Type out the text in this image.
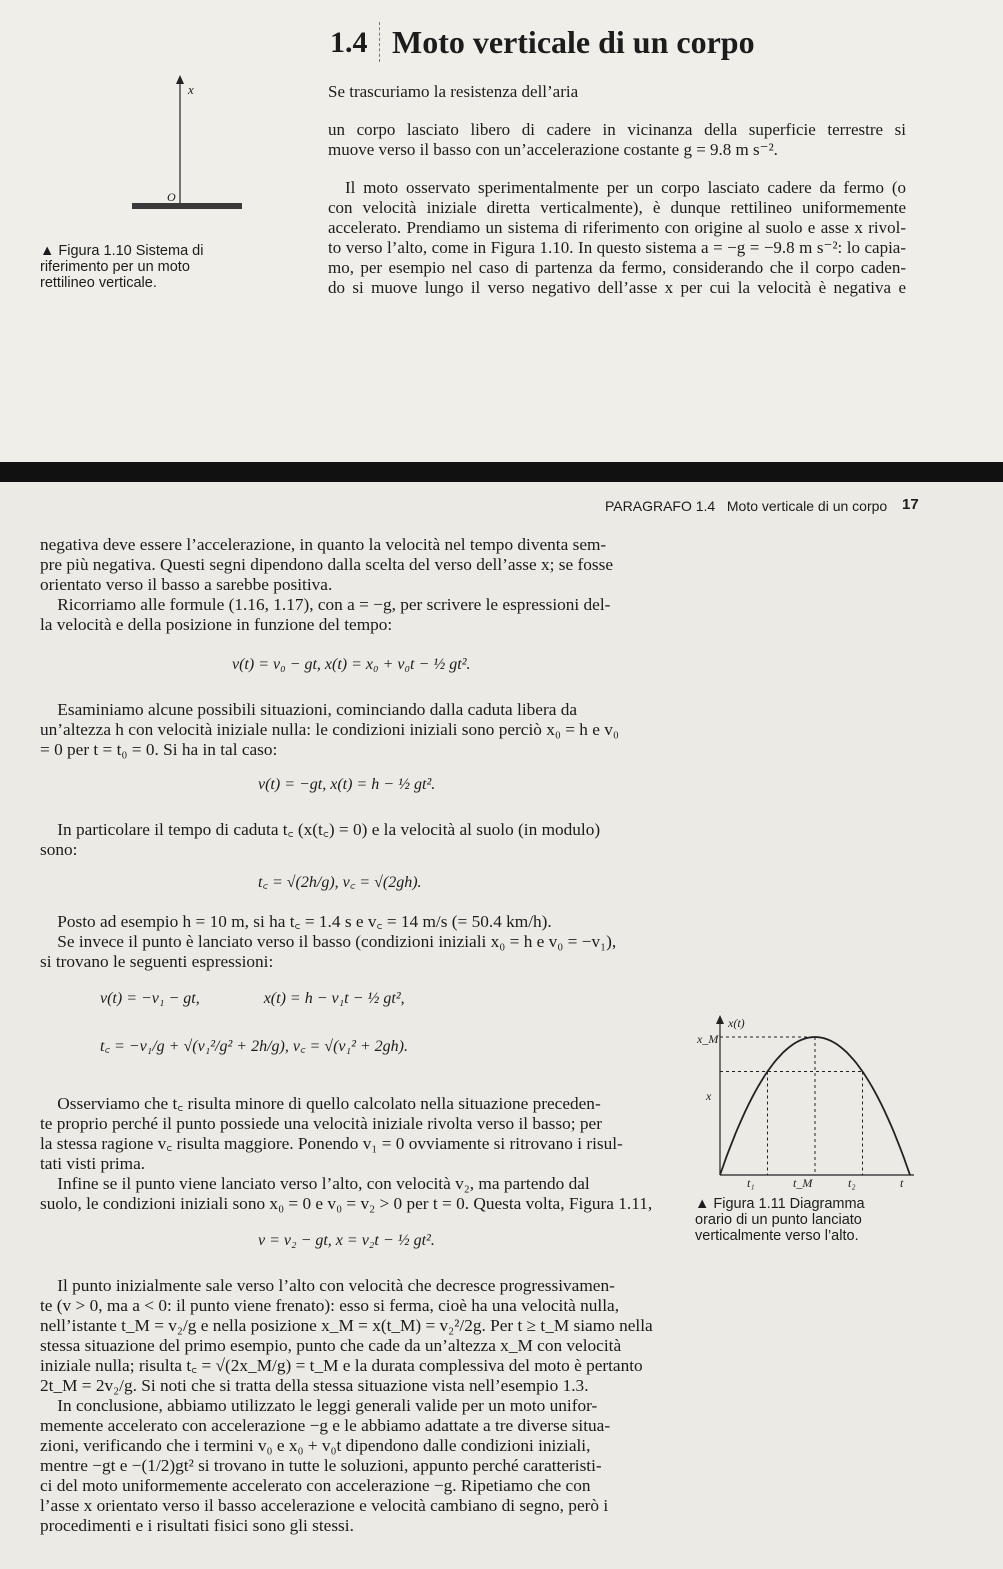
1.4 Moto verticale di un corpo
x
O
▲ Figura 1.10 Sistema di
riferimento per un moto
rettilineo verticale.
Se trascuriamo la resistenza dell’aria
un corpo lasciato libero di cadere in vicinanza della superficie terrestre si
muove verso il basso con un’accelerazione costante g = 9.8 m s⁻².
Il moto osservato sperimentalmente per un corpo lasciato cadere da fermo (o
con velocità iniziale diretta verticalmente), è dunque rettilineo uniformemente
accelerato. Prendiamo un sistema di riferimento con origine al suolo e asse x rivol-
to verso l’alto, come in Figura 1.10. In questo sistema a = −g = −9.8 m s⁻²: lo capia-
mo, per esempio nel caso di partenza da fermo, considerando che il corpo caden-
do si muove lungo il verso negativo dell’asse x per cui la velocità è negativa e
PARAGRAFO 1.4   Moto verticale di un corpo 17
negativa deve essere l’accelerazione, in quanto la velocità nel tempo diventa sem-
pre più negativa. Questi segni dipendono dalla scelta del verso dell’asse x; se fosse
orientato verso il basso a sarebbe positiva.
Ricorriamo alle formule (1.16, 1.17), con a = −g, per scrivere le espressioni del-
la velocità e della posizione in funzione del tempo:
v(t) = v₀ − gt, x(t) = x₀ + v₀t − ½ gt².
Esaminiamo alcune possibili situazioni, cominciando dalla caduta libera da
un’altezza h con velocità iniziale nulla: le condizioni iniziali sono perciò x₀ = h e v₀
= 0 per t = t₀ = 0. Si ha in tal caso:
v(t) = −gt, x(t) = h − ½ gt².
In particolare il tempo di caduta t꜀ (x(t꜀) = 0) e la velocità al suolo (in modulo)
sono:
t꜀ = √(2h/g), v꜀ = √(2gh).
Posto ad esempio h = 10 m, si ha t꜀ = 1.4 s e v꜀ = 14 m/s (= 50.4 km/h).
Se invece il punto è lanciato verso il basso (condizioni iniziali x₀ = h e v₀ = −v₁),
si trovano le seguenti espressioni:
v(t) = −v₁ − gt,                x(t) = h − v₁t − ½ gt²,
t꜀ = −v₁/g + √(v₁²/g² + 2h/g), v꜀ = √(v₁² + 2gh).
Osserviamo che t꜀ risulta minore di quello calcolato nella situazione preceden-
te proprio perché il punto possiede una velocità iniziale rivolta verso il basso; per
la stessa ragione v꜀ risulta maggiore. Ponendo v₁ = 0 ovviamente si ritrovano i risul-
tati visti prima.
Infine se il punto viene lanciato verso l’alto, con velocità v₂, ma partendo dal
suolo, le condizioni iniziali sono x₀ = 0 e v₀ = v₂ > 0 per t = 0. Questa volta, Figura 1.11,
v = v₂ − gt, x = v₂t − ½ gt².
Il punto inizialmente sale verso l’alto con velocità che decresce progressivamen-
te (v > 0, ma a < 0: il punto viene frenato): esso si ferma, cioè ha una velocità nulla,
nell’istante t_M = v₂/g e nella posizione x_M = x(t_M) = v₂²/2g. Per t ≥ t_M siamo nella
stessa situazione del primo esempio, punto che cade da un’altezza x_M con velocità
iniziale nulla; risulta t꜀ = √(2x_M/g) = t_M e la durata complessiva del moto è pertanto
2t_M = 2v₂/g. Si noti che si tratta della stessa situazione vista nell’esempio 1.3.
In conclusione, abbiamo utilizzato le leggi generali valide per un moto unifor-
memente accelerato con accelerazione −g e le abbiamo adattate a tre diverse situa-
zioni, verificando che i termini v₀ e x₀ + v₀t dipendono dalle condizioni iniziali,
mentre −gt e −(1/2)gt² si trovano in tutte le soluzioni, appunto perché caratteristi-
ci del moto uniformemente accelerato con accelerazione −g. Ripetiamo che con
l’asse x orientato verso il basso accelerazione e velocità cambiano di segno, però i
procedimenti e i risultati fisici sono gli stessi.
x(t)
x_M
x
t₁	t_M	t₂	t
▲ Figura 1.11 Diagramma
orario di un punto lanciato
verticalmente verso l’alto.
